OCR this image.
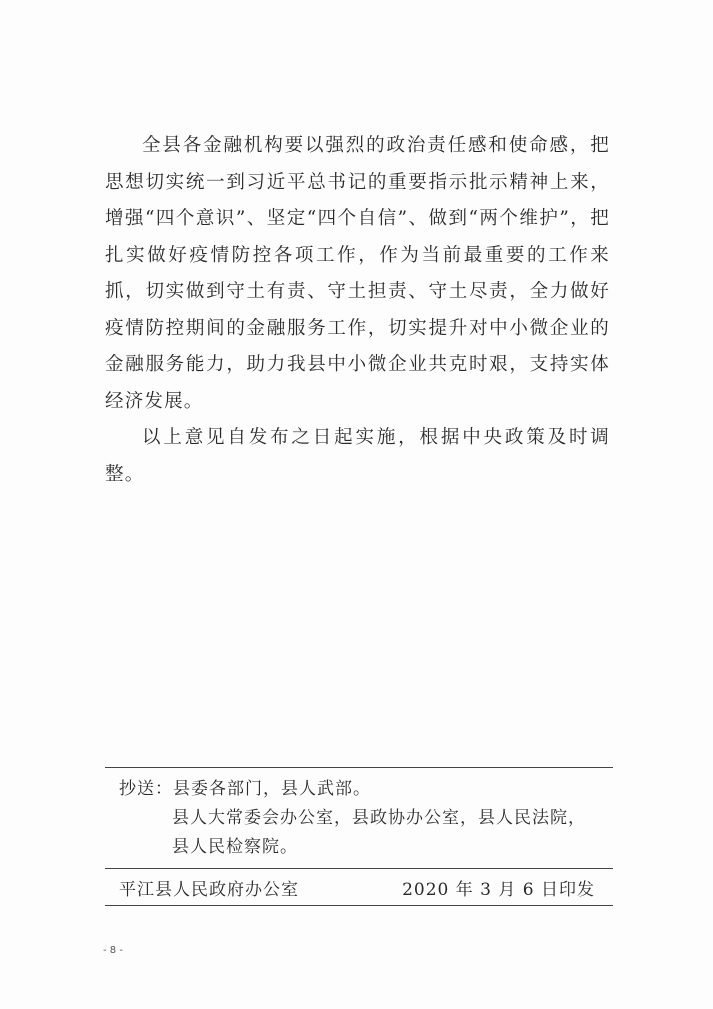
全县各金融机构要以强烈的政治责任感和使命感，把思想切实统一到习近平总书记的重要指示批示精神上来，增强“四个意识”、坚定“四个自信”、做到“两个维护”，把扎实做好疫情防控各项工作，作为当前最重要的工作来抓，切实做到守土有责、守土担责、守土尽责，全力做好疫情防控期间的金融服务工作，切实提升对中小微企业的金融服务能力，助力我县中小微企业共克时艰，支持实体经济发展。

以上意见自发布之日起实施，根据中央政策及时调整。

抄送： 县委各部门，县人武部。
县人大常委会办公室，县政协办公室，县人民法院，
县人民检察院。
平江县人民政府办公室	2020 年 3 月 6 日印发
- 8 -
